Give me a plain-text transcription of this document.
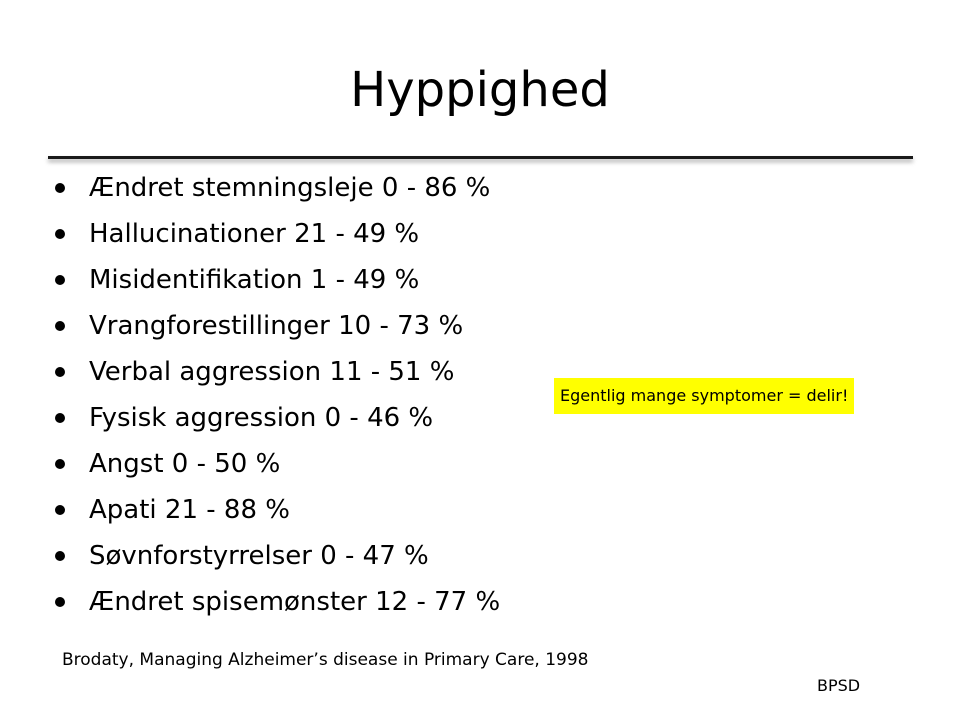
Hyppighed
Ændret stemningsleje 0 - 86 %
Hallucinationer 21 - 49 %
Misidentifikation 1 - 49 %
Vrangforestillinger 10 - 73 %
Verbal aggression 11 - 51 %
Fysisk aggression 0 - 46 %
Angst 0 - 50 %
Apati 21 - 88 %
Søvnforstyrrelser 0 - 47 %
Ændret spisemønster 12 - 77 %
Egentlig mange symptomer = delir!
Brodaty, Managing Alzheimer’s disease in Primary Care, 1998
BPSD
